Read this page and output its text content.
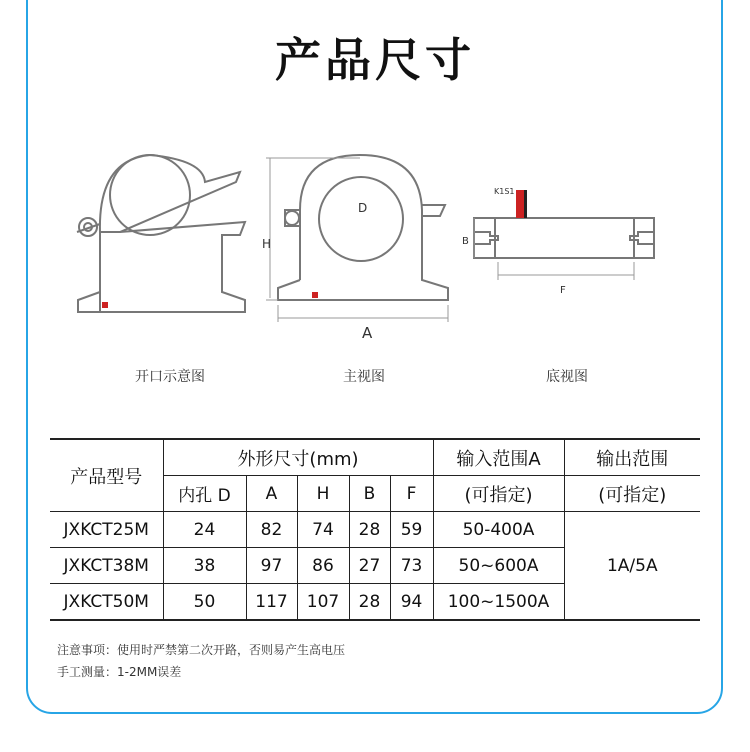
产品尺寸
H
D
A
B
F
K1S1
开口示意图	主视图	底视图
产品型号	外形尺寸(mm)					输入范围A	输出范围
	内孔 D	A	H	B	F	(可指定)	(可指定)
JXKCT25M	24	82	74	28	59	50-400A	1A/5A
JXKCT38M	38	97	86	27	73	50~600A	
JXKCT50M	50	117	107	28	94	100~1500A	
注意事项：使用时严禁第二次开路，否则易产生高电压
手工测量：1-2MM误差
